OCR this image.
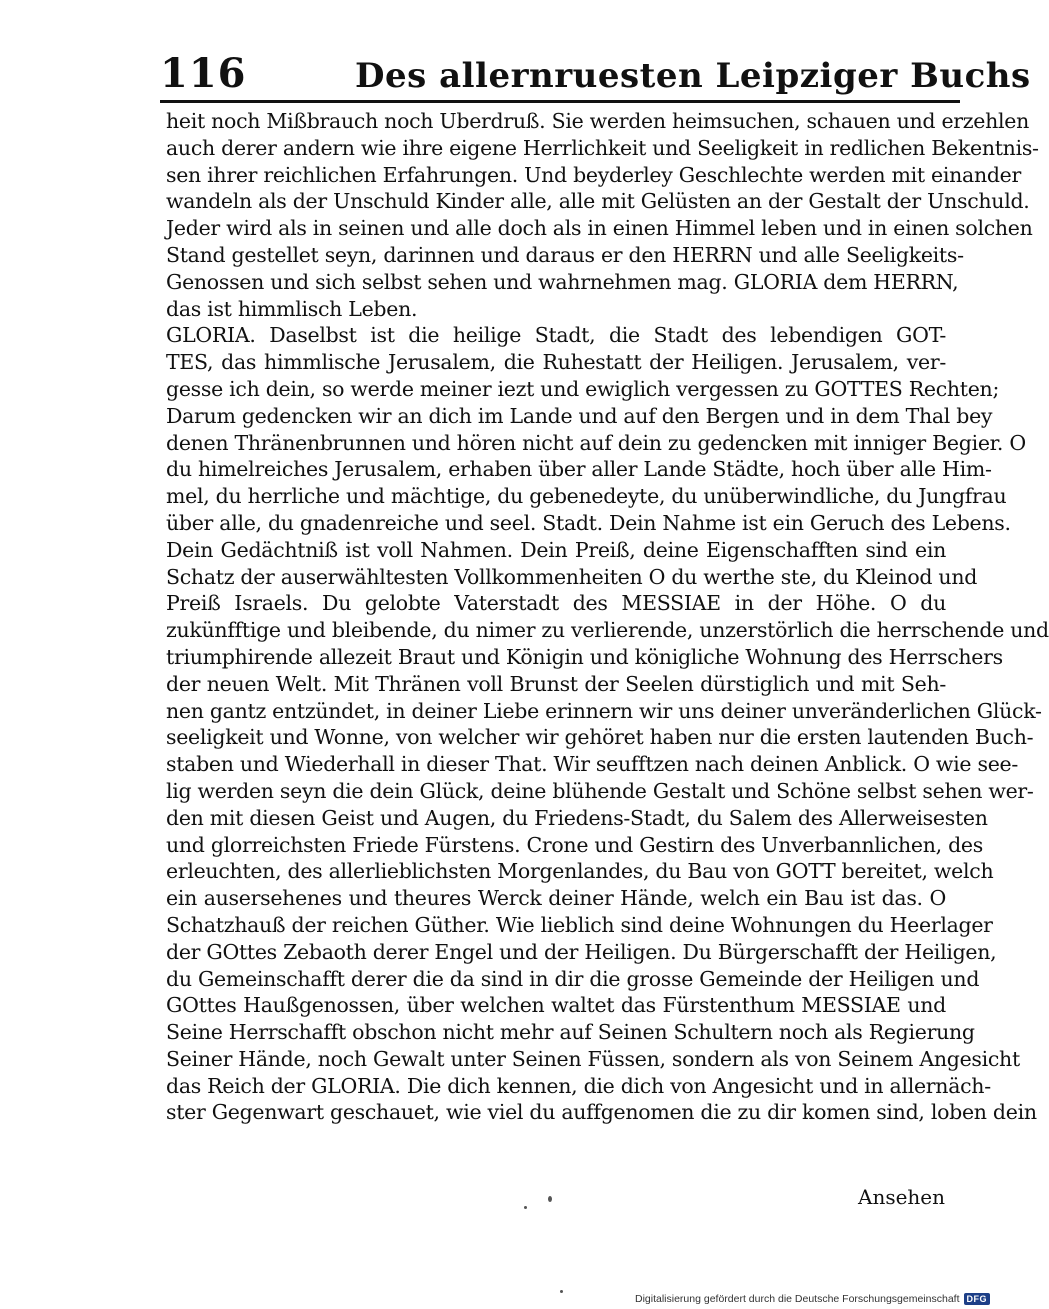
116	Des allernruesten Leipziger Buchs
heit noch Mißbrauch noch Uberdruß. Sie werden heimsuchen, schauen und erzehlen
auch derer andern wie ihre eigene Herrlichkeit und Seeligkeit in redlichen Bekentnis-
sen ihrer reichlichen Erfahrungen. Und beyderley Geschlechte werden mit einander
wandeln als der Unschuld Kinder alle, alle mit Gelüsten an der Gestalt der Unschuld.
Jeder wird als in seinen und alle doch als in einen Himmel leben und in einen solchen
Stand gestellet seyn, darinnen und daraus er den HERRN und alle Seeligkeits-
Genossen und sich selbst sehen und wahrnehmen mag. GLORIA dem HERRN,
das ist himmlisch Leben.
GLORIA. Daselbst ist die heilige Stadt, die Stadt des lebendigen GOT-
TES, das himmlische Jerusalem, die Ruhestatt der Heiligen. Jerusalem, ver-
gesse ich dein, so werde meiner iezt und ewiglich vergessen zu GOTTES Rechten;
Darum gedencken wir an dich im Lande und auf den Bergen und in dem Thal bey
denen Thränenbrunnen und hören nicht auf dein zu gedencken mit inniger Begier. O
du himelreiches Jerusalem, erhaben über aller Lande Städte, hoch über alle Him-
mel, du herrliche und mächtige, du gebenedeyte, du unüberwindliche, du Jungfrau
über alle, du gnadenreiche und seel. Stadt. Dein Nahme ist ein Geruch des Lebens.
Dein Gedächtniß ist voll Nahmen. Dein Preiß, deine Eigenschafften sind ein
Schatz der auserwähltesten Vollkommenheiten O du werthe ste, du Kleinod und
Preiß Israels. Du gelobte Vaterstadt des MESSIAE in der Höhe. O du
zukünfftige und bleibende, du nimer zu verlierende, unzerstörlich die herrschende und
triumphirende allezeit Braut und Königin und königliche Wohnung des Herrschers
der neuen Welt. Mit Thränen voll Brunst der Seelen dürstiglich und mit Seh-
nen gantz entzündet, in deiner Liebe erinnern wir uns deiner unveränderlichen Glück-
seeligkeit und Wonne, von welcher wir gehöret haben nur die ersten lautenden Buch-
staben und Wiederhall in dieser That. Wir seufftzen nach deinen Anblick. O wie see-
lig werden seyn die dein Glück, deine blühende Gestalt und Schöne selbst sehen wer-
den mit diesen Geist und Augen, du Friedens-Stadt, du Salem des Allerweisesten
und glorreichsten Friede Fürstens. Crone und Gestirn des Unverbannlichen, des
erleuchten, des allerlieblichsten Morgenlandes, du Bau von GOTT bereitet, welch
ein ausersehenes und theures Werck deiner Hände, welch ein Bau ist das. O
Schatzhauß der reichen Güther. Wie lieblich sind deine Wohnungen du Heerlager
der GOttes Zebaoth derer Engel und der Heiligen. Du Bürgerschafft der Heiligen,
du Gemeinschafft derer die da sind in dir die grosse Gemeinde der Heiligen und
GOttes Haußgenossen, über welchen waltet das Fürstenthum MESSIAE und
Seine Herrschafft obschon nicht mehr auf Seinen Schultern noch als Regierung
Seiner Hände, noch Gewalt unter Seinen Füssen, sondern als von Seinem Angesicht
das Reich der GLORIA. Die dich kennen, die dich von Angesicht und in allernäch-
ster Gegenwart geschauet, wie viel du auffgenomen die zu dir komen sind, loben dein
Ansehen
Digitalisierung gefördert durch die Deutsche Forschungsgemeinschaft DFG
